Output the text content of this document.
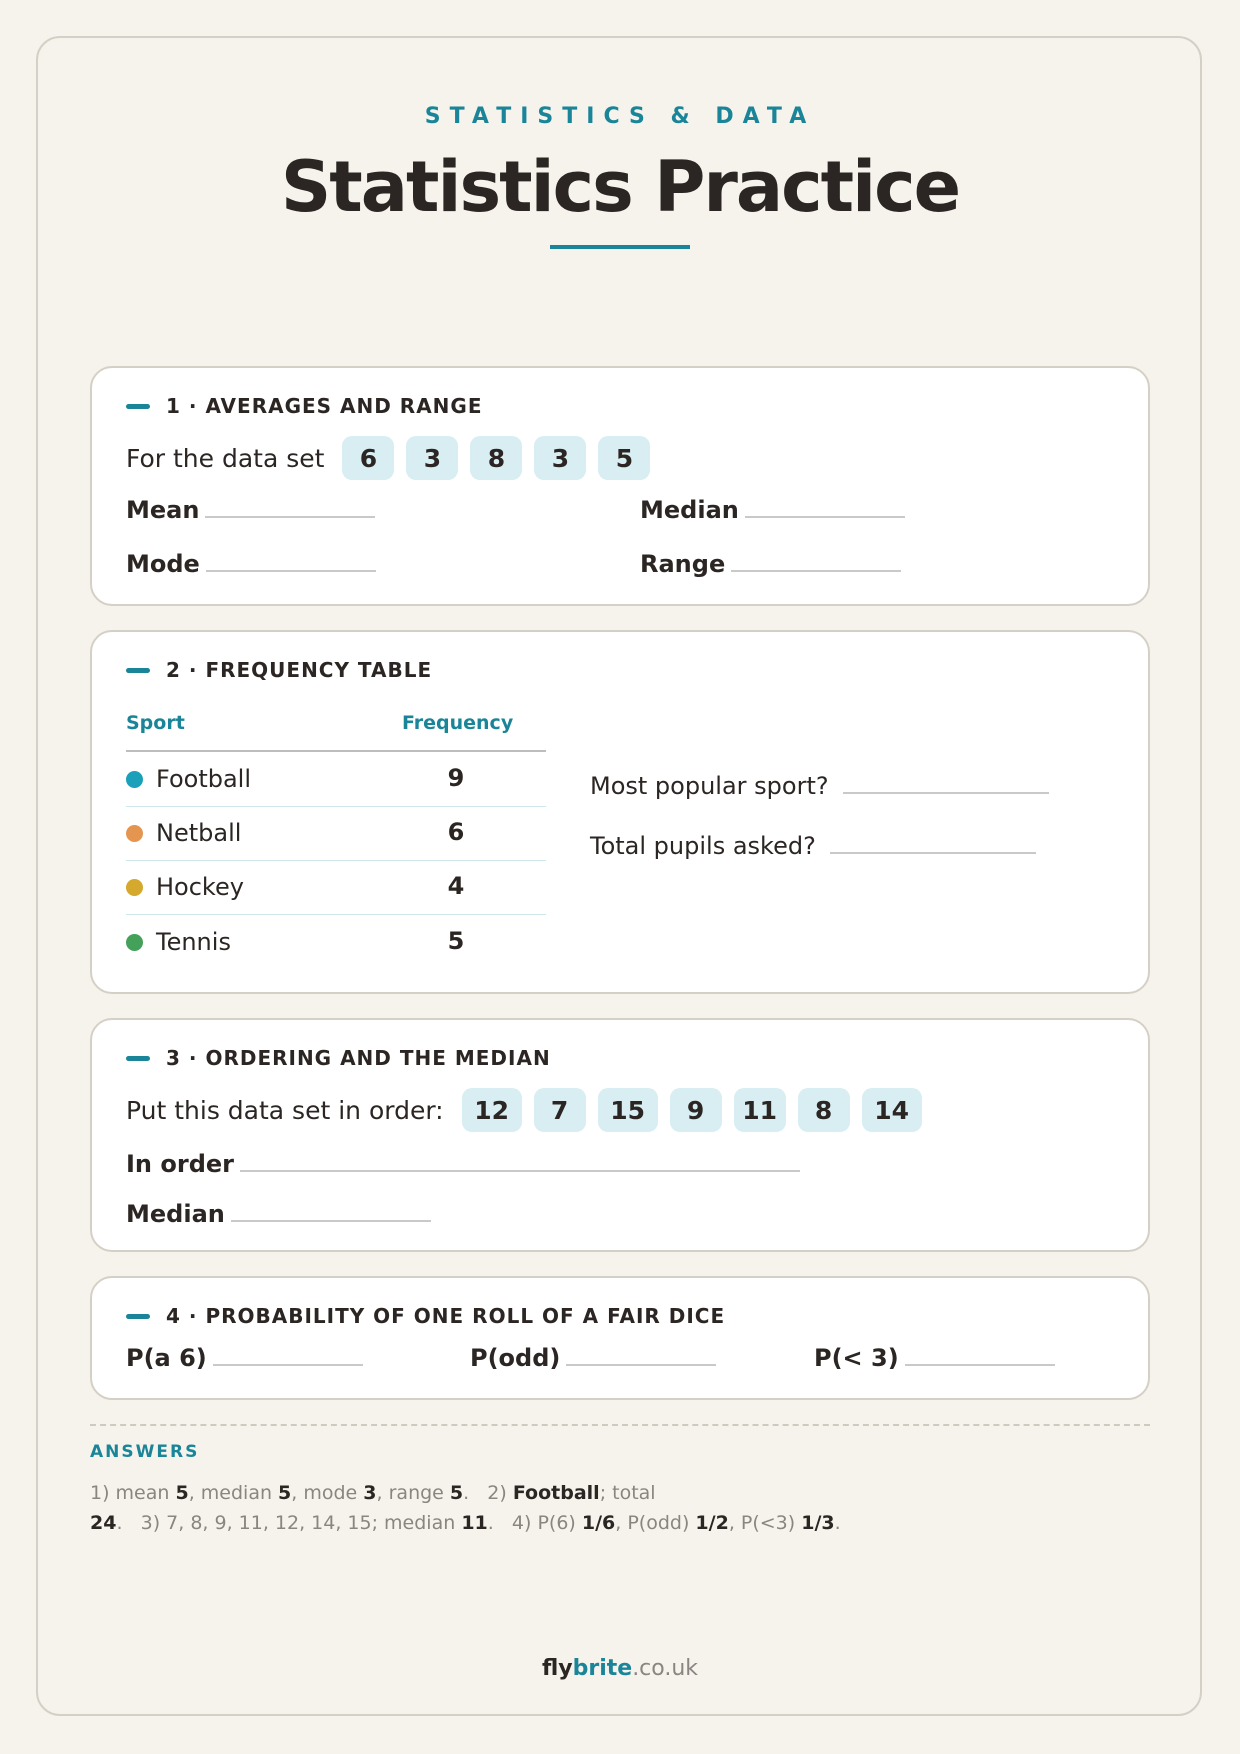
STATISTICS & DATA
Statistics Practice
1 · AVERAGES AND RANGE
For the data set	6	3	8	3	5
Mean	Median
Mode	Range
2 · FREQUENCY TABLE
Sport	Frequency
Football	9
Netball	6
Hockey	4
Tennis	5
Most popular sport?
Total pupils asked?
3 · ORDERING AND THE MEDIAN
Put this data set in order:	12	7	15	9	11	8	14
In order
Median
4 · PROBABILITY OF ONE ROLL OF A FAIR DICE
P(a 6)	P(odd)	P(< 3)
ANSWERS
1) mean 5, median 5, mode 3, range 5.   2) Football; total 24.   3) 7, 8, 9, 11, 12, 14, 15; median 11.   4) P(6) 1/6, P(odd) 1/2, P(<3) 1/3.
flybrite.co.uk
